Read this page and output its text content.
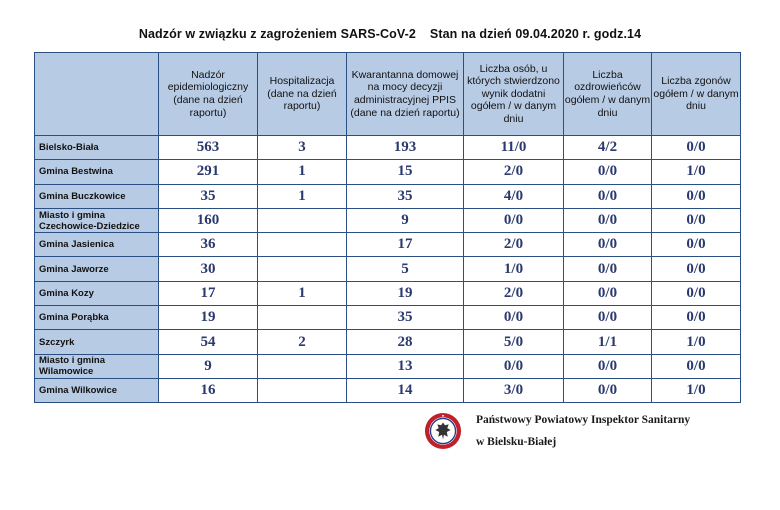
Nadzór w związku z zagrożeniem SARS-CoV-2 Stan na dzień 09.04.2020 r. godz.14
	Nadzór epidemiologiczny (dane na dzień raportu)	Hospitalizacja (dane na dzień raportu)	Kwarantanna domowej na mocy decyzji administracyjnej PPIS (dane na dzień raportu)	Liczba osób, u których stwierdzono wynik dodatni ogółem / w danym dniu	Liczba ozdrowieńców ogółem / w danym dniu	Liczba zgonów ogółem / w danym dniu
Bielsko-Biała	563	3	193	11/0	4/2	0/0
Gmina Bestwina	291	1	15	2/0	0/0	1/0
Gmina Buczkowice	35	1	35	4/0	0/0	0/0
Miasto i gmina Czechowice-Dziedzice	160		9	0/0	0/0	0/0
Gmina Jasienica	36		17	2/0	0/0	0/0
Gmina Jaworze	30		5	1/0	0/0	0/0
Gmina Kozy	17	1	19	2/0	0/0	0/0
Gmina Porąbka	19		35	0/0	0/0	0/0
Szczyrk	54	2	28	5/0	1/1	1/0
Miasto i gmina Wilamowice	9		13	0/0	0/0	0/0
Gmina Wilkowice	16		14	3/0	0/0	1/0
Państwowy Powiatowy Inspektor Sanitarny
w Bielsku-Białej
